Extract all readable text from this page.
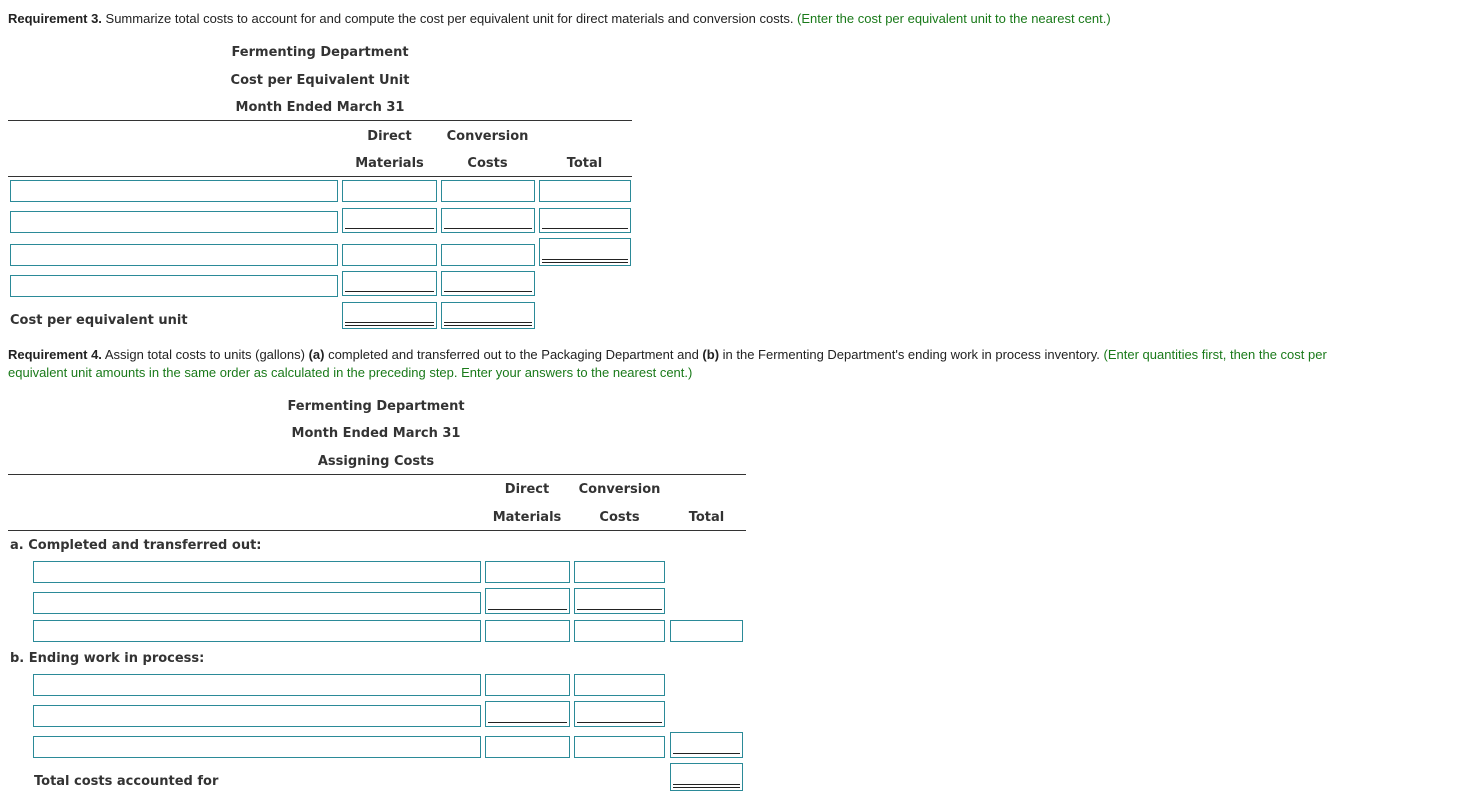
Requirement 3. Summarize total costs to account for and compute the cost per equivalent unit for direct materials and conversion costs. (Enter the cost per equivalent unit to the nearest cent.)
Fermenting Department
Cost per Equivalent Unit
Month Ended March 31
Direct
Materials
Conversion
Costs	Total
Cost per equivalent unit
Requirement 4. Assign total costs to units (gallons) (a) completed and transferred out to the Packaging Department and (b) in the Fermenting Department's ending work in process inventory. (Enter quantities first, then the cost per
equivalent unit amounts in the same order as calculated in the preceding step. Enter your answers to the nearest cent.)
Fermenting Department
Month Ended March 31
Assigning Costs
Direct
Materials
Conversion
Costs	Total
a. Completed and transferred out:
b. Ending work in process:
Total costs accounted for
